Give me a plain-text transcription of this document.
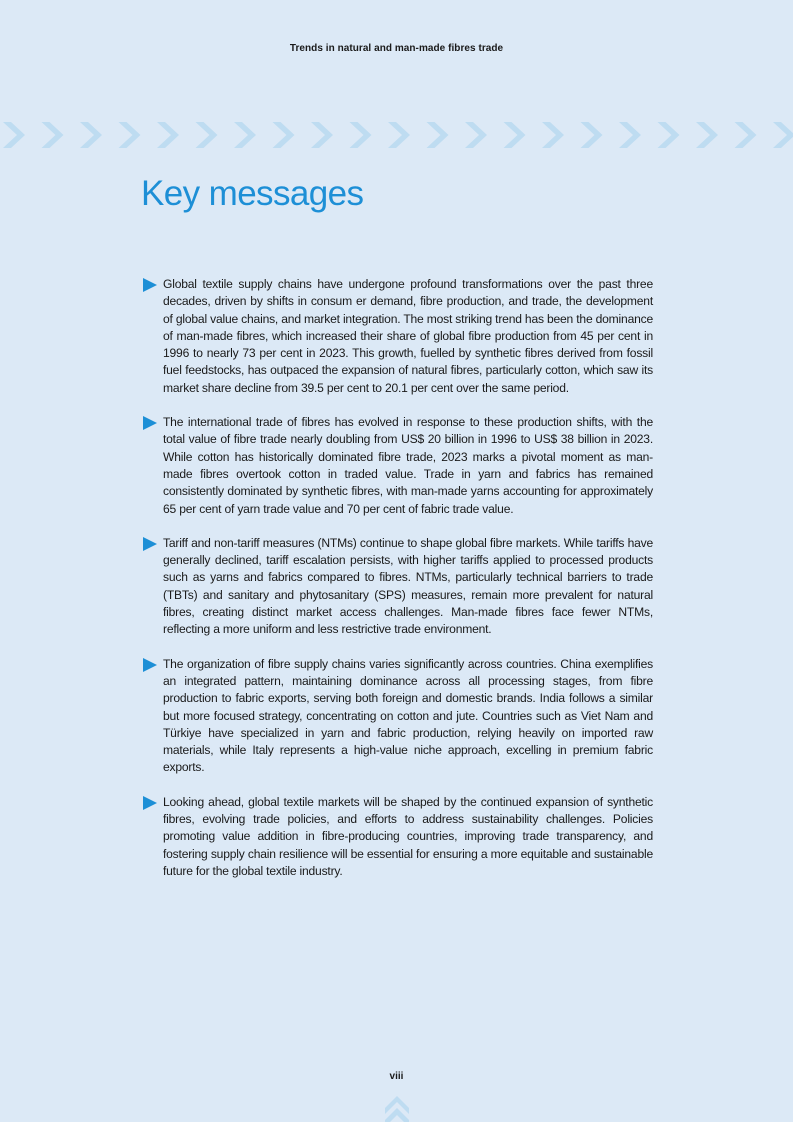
Trends in natural and man-made fibres trade
Key messages

Global textile supply chains have undergone profound transformations over the past three decades, driven by shifts in consum er demand, fibre production, and trade, the development of global value chains, and market integration. The most striking trend has been the dominance of man-made fibres, which increased their share of global fibre production from 45 per cent in 1996 to nearly 73 per cent in 2023. This growth, fuelled by synthetic fibres derived from fossil fuel feedstocks, has outpaced the expansion of natural fibres, particularly cotton, which saw its market share decline from 39.5 per cent to 20.1 per cent over the same period.

The international trade of fibres has evolved in response to these production shifts, with the total value of fibre trade nearly doubling from US$ 20 billion in 1996 to US$ 38 billion in 2023. While cotton has historically dominated fibre trade, 2023 marks a pivotal moment as man-made fibres overtook cotton in traded value. Trade in yarn and fabrics has remained consistently dominated by synthetic fibres, with man-made yarns accounting for approximately 65 per cent of yarn trade value and 70 per cent of fabric trade value.

Tariff and non-tariff measures (NTMs) continue to shape global fibre markets. While tariffs have generally declined, tariff escalation persists, with higher tariffs applied to processed products such as yarns and fabrics compared to fibres. NTMs, particularly technical barriers to trade (TBTs) and sanitary and phytosanitary (SPS) measures, remain more prevalent for natural fibres, creating distinct market access challenges. Man-made fibres face fewer NTMs, reflecting a more uniform and less restrictive trade environment.

The organization of fibre supply chains varies significantly across countries. China exemplifies an integrated pattern, maintaining dominance across all processing stages, from fibre production to fabric exports, serving both foreign and domestic brands. India follows a similar but more focused strategy, concentrating on cotton and jute. Countries such as Viet Nam and Türkiye have specialized in yarn and fabric production, relying heavily on imported raw materials, while Italy represents a high-value niche approach, excelling in premium fabric exports.

Looking ahead, global textile markets will be shaped by the continued expansion of synthetic fibres, evolving trade policies, and efforts to address sustainability challenges. Policies promoting value addition in fibre-producing countries, improving trade transparency, and fostering supply chain resilience will be essential for ensuring a more equitable and sustainable future for the global textile industry.

viii
